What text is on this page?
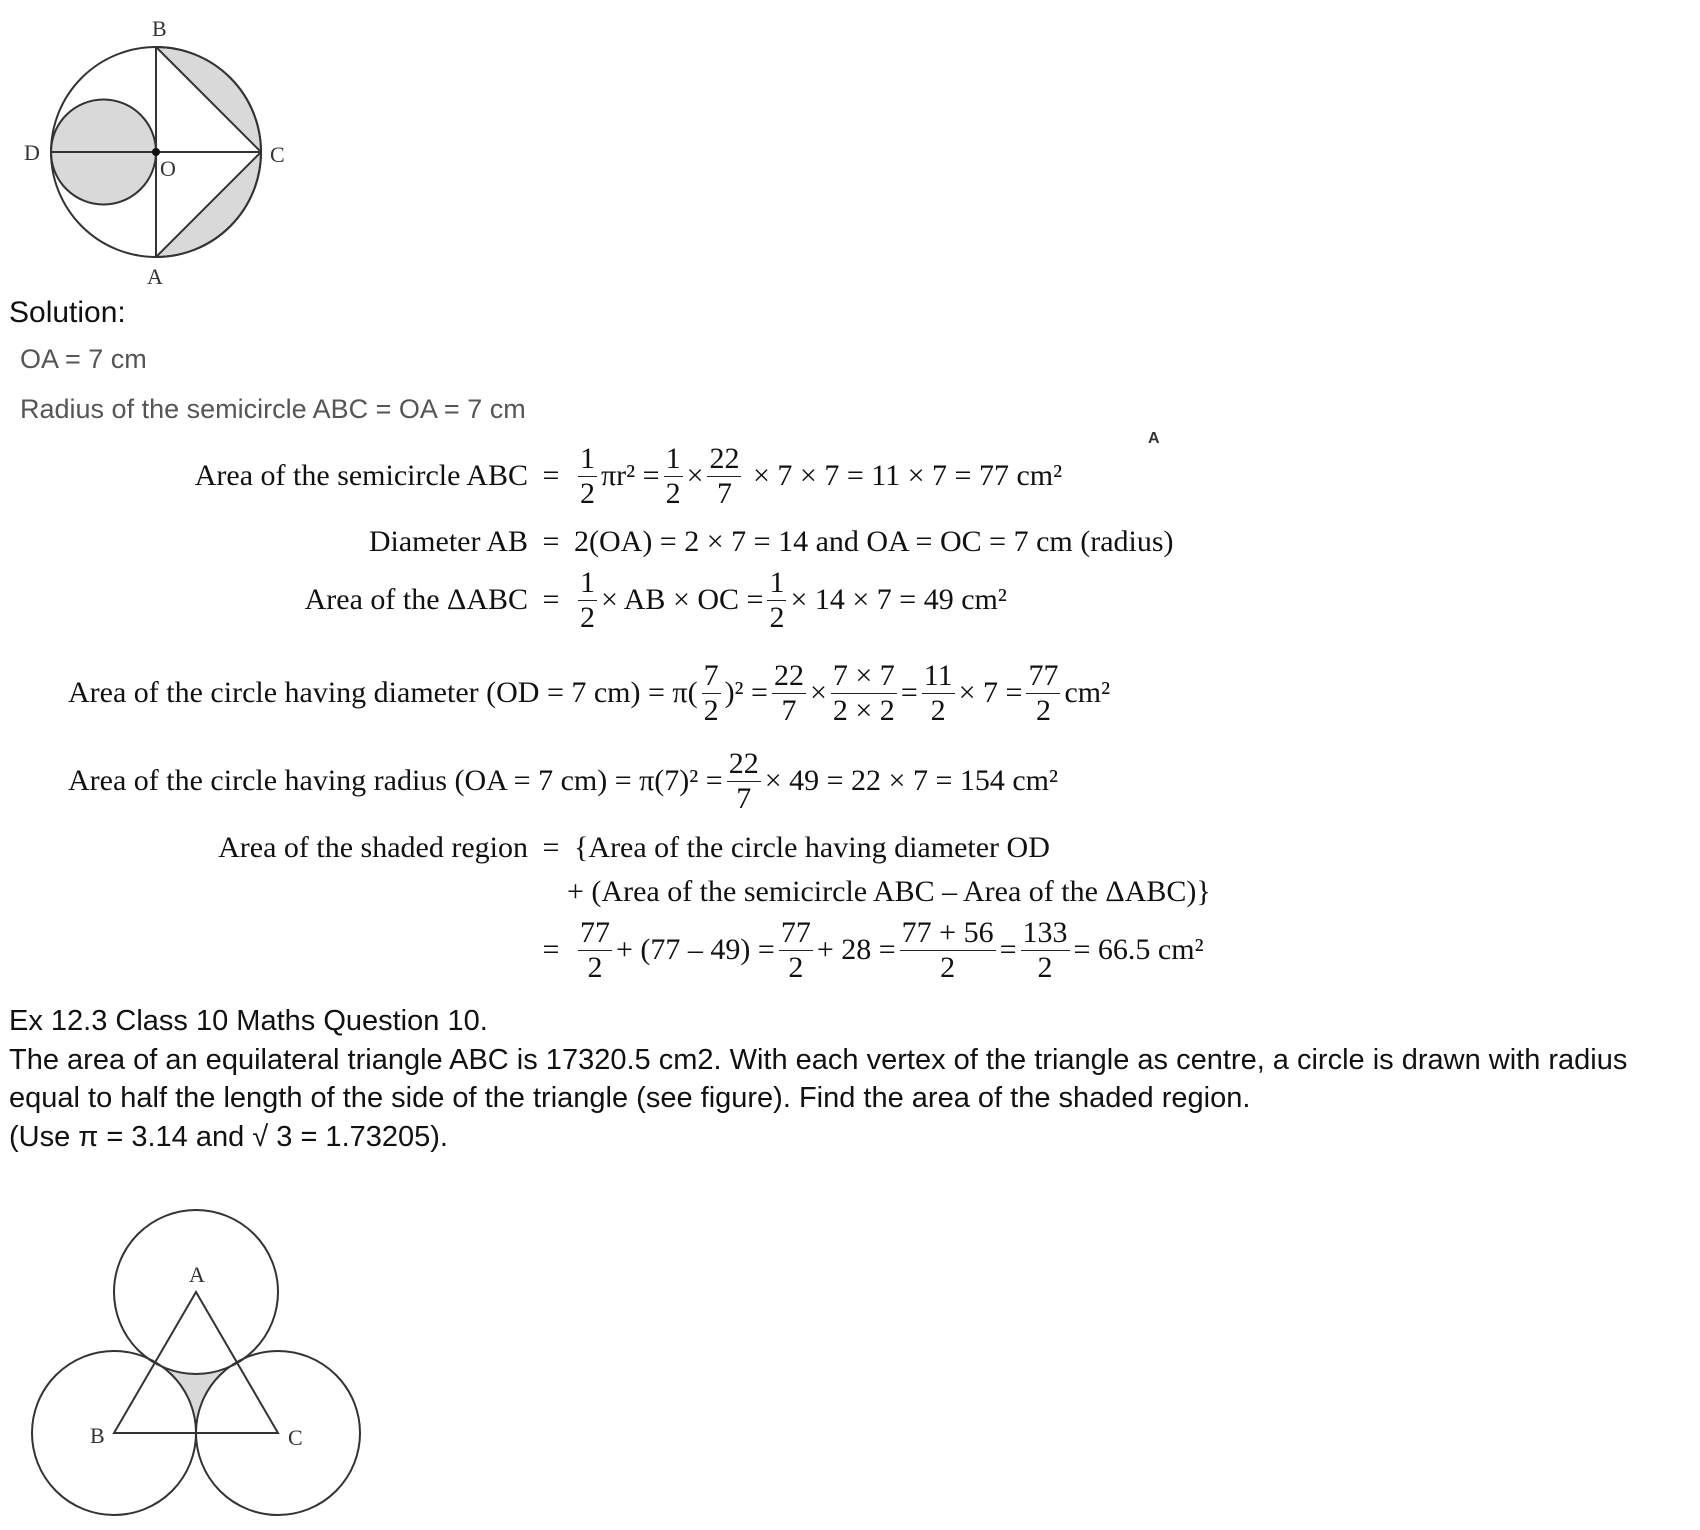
B
D	C
O
A
Solution:
OA = 7 cm
Radius of the semicircle ABC = OA = 7 cm
Area of the semicircle ABC = $\frac{1}{2} \pi r^2 = \frac{1}{2} \times \frac{22}{7} \times 7 \times 7 = 11 \times 7 = 77$ cm²
A
Diameter AB = 2(OA) = 2 × 7 = 14 and OA = OC = 7 cm (radius)
Area of the $\Delta ABC = \frac{1}{2}$ × AB × OC = $\frac{1}{2} \times 14 \times 7 = 49$ cm²
Area of the circle having diameter (OD = 7 $cm) = \pi( \frac{7}{2} )^2 = \frac{22}{7} \times \frac{7 \times 7}{2 \times 2} = \frac{11}{2} \times 7 = \frac{77}{2} cm^2$
Area of the circle having radius (OA = 7 $cm) = \pi(7)^2 = \frac{22}{7} \times 49 = 22 \times 7 = 154$ cm²
Area of the shaded region = {Area of the circle having diameter OD
+ (Area of the semicircle ABC – Area of the ΔABC)}
= $\frac{77}{2} + (77 - 49) = \frac{77}{2} + 28 = \frac{77 + 56}{2} = \frac{133}{2} = 66.5$ cm²
Ex 12.3 Class 10 Maths Question 10.
The area of an equilateral triangle ABC is 17320.5 cm2. With each vertex of the triangle as centre, a circle is drawn with radius equal to half the length of the side of the triangle (see figure). Find the area of the shaded region.
(Use π = 3.14 and √ 3 = 1.73205).
A
B	C
